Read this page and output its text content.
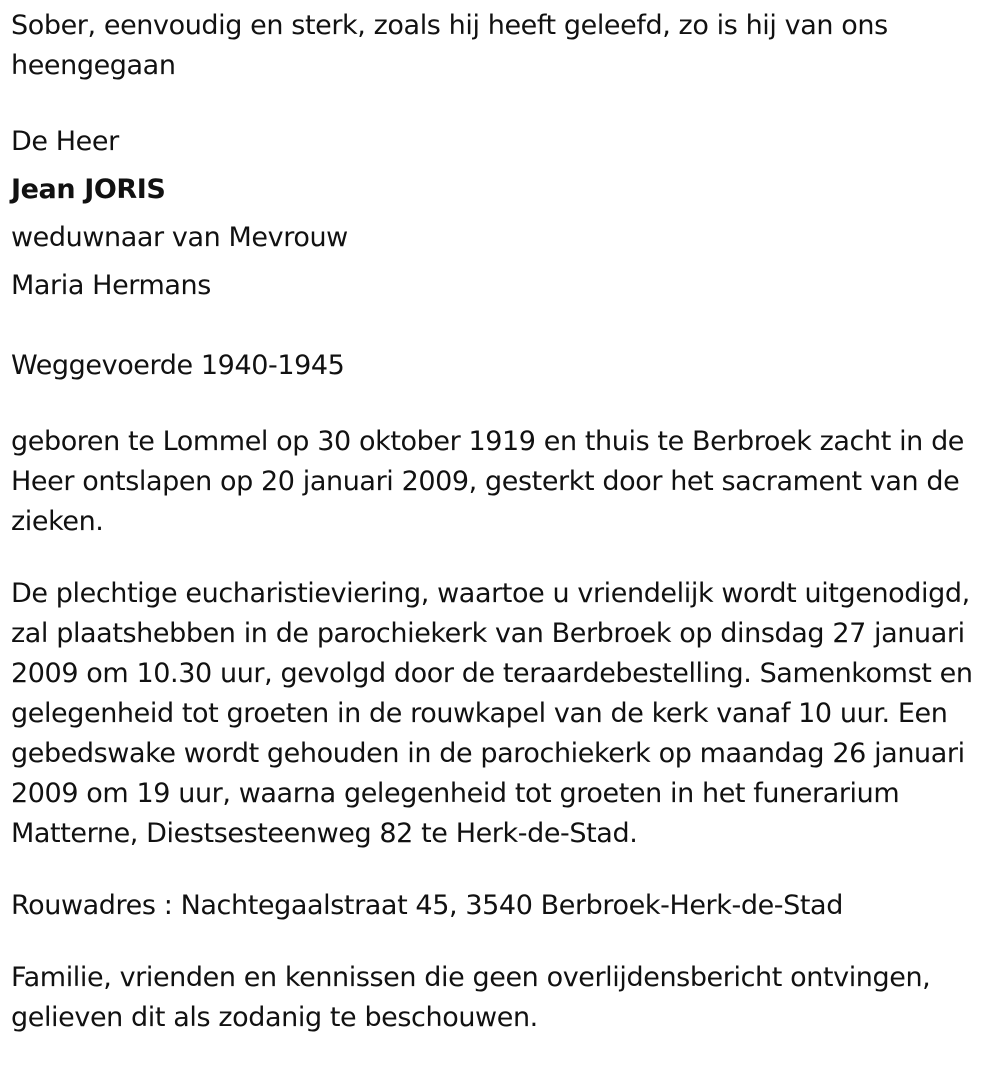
Sober, eenvoudig en sterk, zoals hij heeft geleefd, zo is hij van ons heengegaan

De Heer
Jean JORIS
weduwnaar van Mevrouw
Maria Hermans
Weggevoerde 1940-1945

geboren te Lommel op 30 oktober 1919 en thuis te Berbroek zacht in de Heer ontslapen op 20 januari 2009, gesterkt door het sacrament van de zieken.

De plechtige eucharistieviering, waartoe u vriendelijk wordt uitgenodigd, zal plaatshebben in de parochiekerk van Berbroek op dinsdag 27 januari 2009 om 10.30 uur, gevolgd door de teraardebestelling. Samenkomst en gelegenheid tot groeten in de rouwkapel van de kerk vanaf 10 uur. Een gebedswake wordt gehouden in de parochiekerk op maandag 26 januari 2009 om 19 uur, waarna gelegenheid tot groeten in het funerarium Matterne, Diestsesteenweg 82 te Herk-de-Stad.

Rouwadres : Nachtegaalstraat 45, 3540 Berbroek-Herk-de-Stad

Familie, vrienden en kennissen die geen overlijdensbericht ontvingen, gelieven dit als zodanig te beschouwen.
